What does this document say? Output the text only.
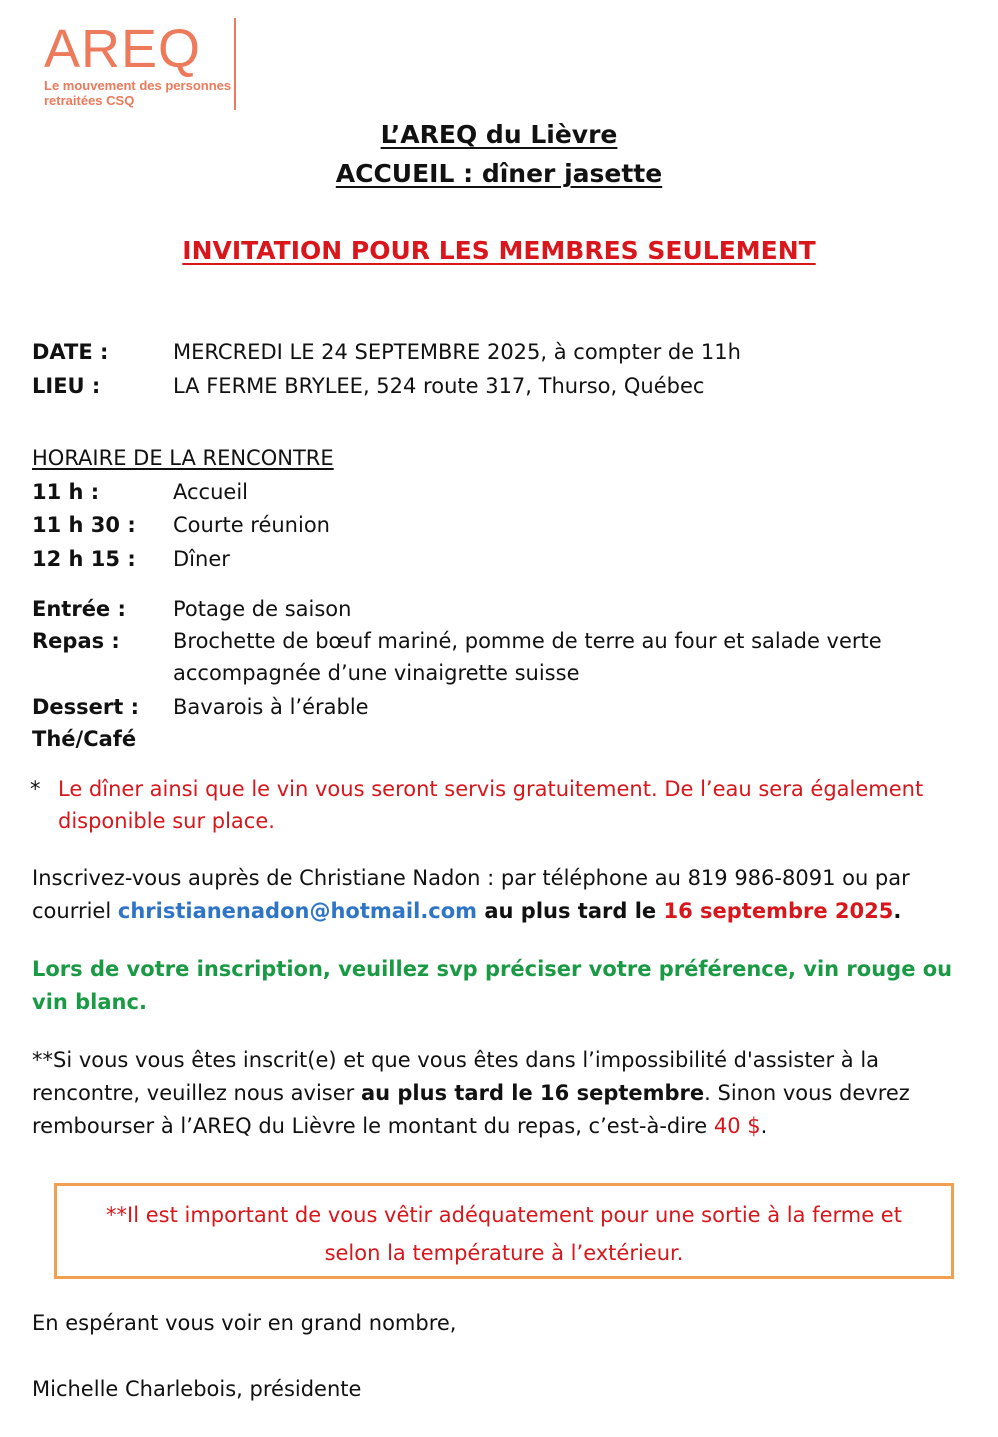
AREQ
Le mouvement des personnes
retraitées CSQ
L’AREQ du Lièvre
ACCUEIL : dîner jasette
INVITATION POUR LES MEMBRES SEULEMENT
DATE :	MERCREDI LE 24 SEPTEMBRE 2025, à compter de 11h
LIEU :	LA FERME BRYLEE, 524 route 317, Thurso, Québec
HORAIRE DE LA RENCONTRE
11 h :	Accueil
11 h 30 : Courte réunion
12 h 15 : Dîner
Entrée : Potage de saison
Repas :	Brochette de bœuf mariné, pomme de terre au four et salade verte
accompagnée d’une vinaigrette suisse
Dessert : Bavarois à l’érable
Thé/Café
* Le dîner ainsi que le vin vous seront servis gratuitement. De l’eau sera également
disponible sur place.
Inscrivez-vous auprès de Christiane Nadon : par téléphone au 819 986-8091 ou par
courriel christianenadon@hotmail.com au plus tard le 16 septembre 2025.
Lors de votre inscription, veuillez svp préciser votre préférence, vin rouge ou
vin blanc.
**Si vous vous êtes inscrit(e) et que vous êtes dans l’impossibilité d'assister à la
rencontre, veuillez nous aviser au plus tard le 16 septembre. Sinon vous devrez
rembourser à l’AREQ du Lièvre le montant du repas, c’est-à-dire 40 $.
**Il est important de vous vêtir adéquatement pour une sortie à la ferme et
selon la température à l’extérieur.
En espérant vous voir en grand nombre,
Michelle Charlebois, présidente
